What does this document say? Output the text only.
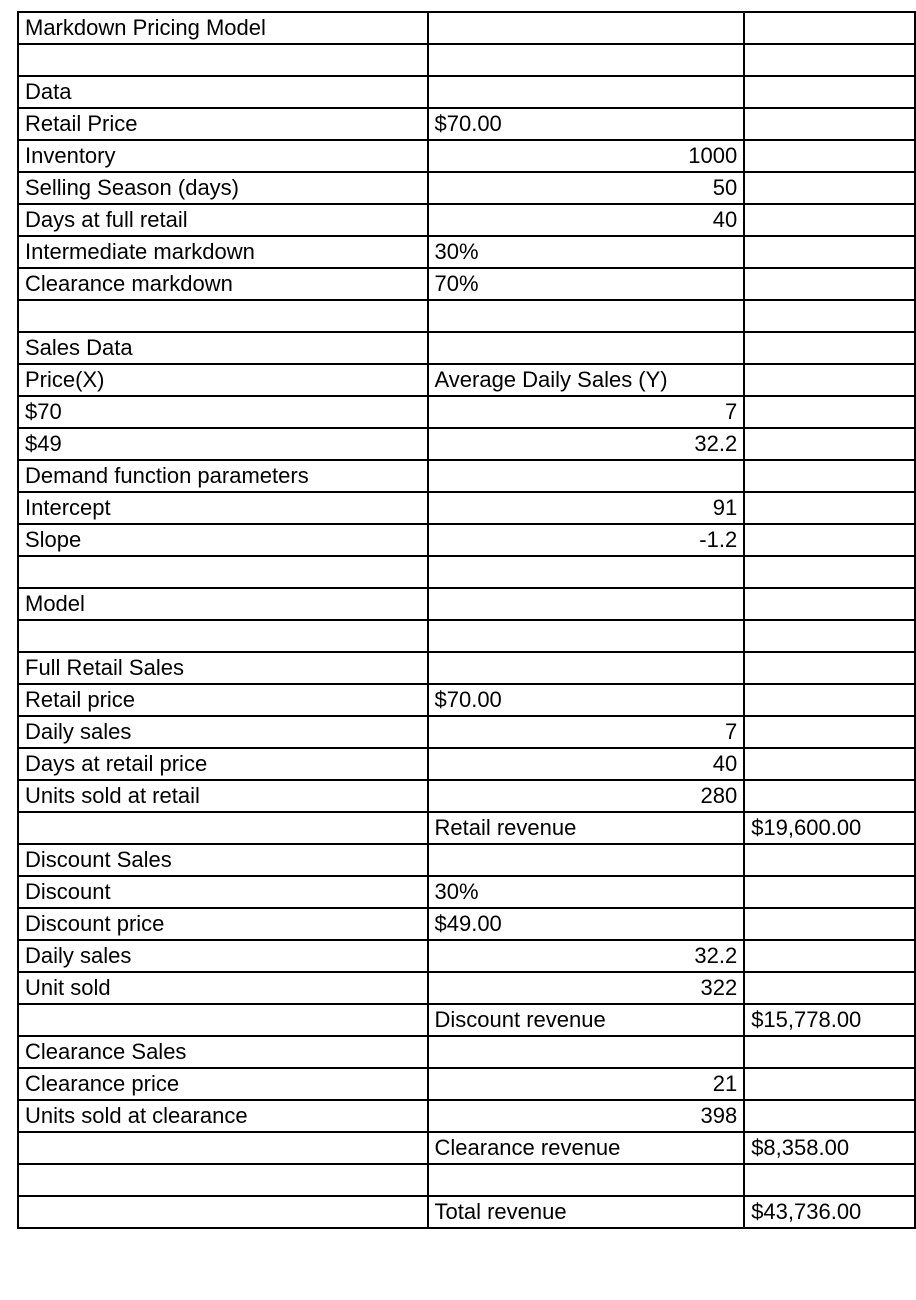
Markdown Pricing Model		

Data		
Retail Price	$70.00	
Inventory	1000	
Selling Season (days)	50	
Days at full retail	40	
Intermediate markdown	30%	
Clearance markdown	70%	

Sales Data		
Price(X)	Average Daily Sales (Y)	
$70	7	
$49	32.2	
Demand function parameters		
Intercept	91	
Slope	-1.2	

Model		

Full Retail Sales		
Retail price	$70.00	
Daily sales	7	
Days at retail price	40	
Units sold at retail	280	
	Retail revenue	$19,600.00
Discount Sales		
Discount	30%	
Discount price	$49.00	
Daily sales	32.2	
Unit sold	322	
	Discount revenue	$15,778.00
Clearance Sales		
Clearance price	21	
Units sold at clearance	398	
	Clearance revenue	$8,358.00

	Total revenue	$43,736.00
